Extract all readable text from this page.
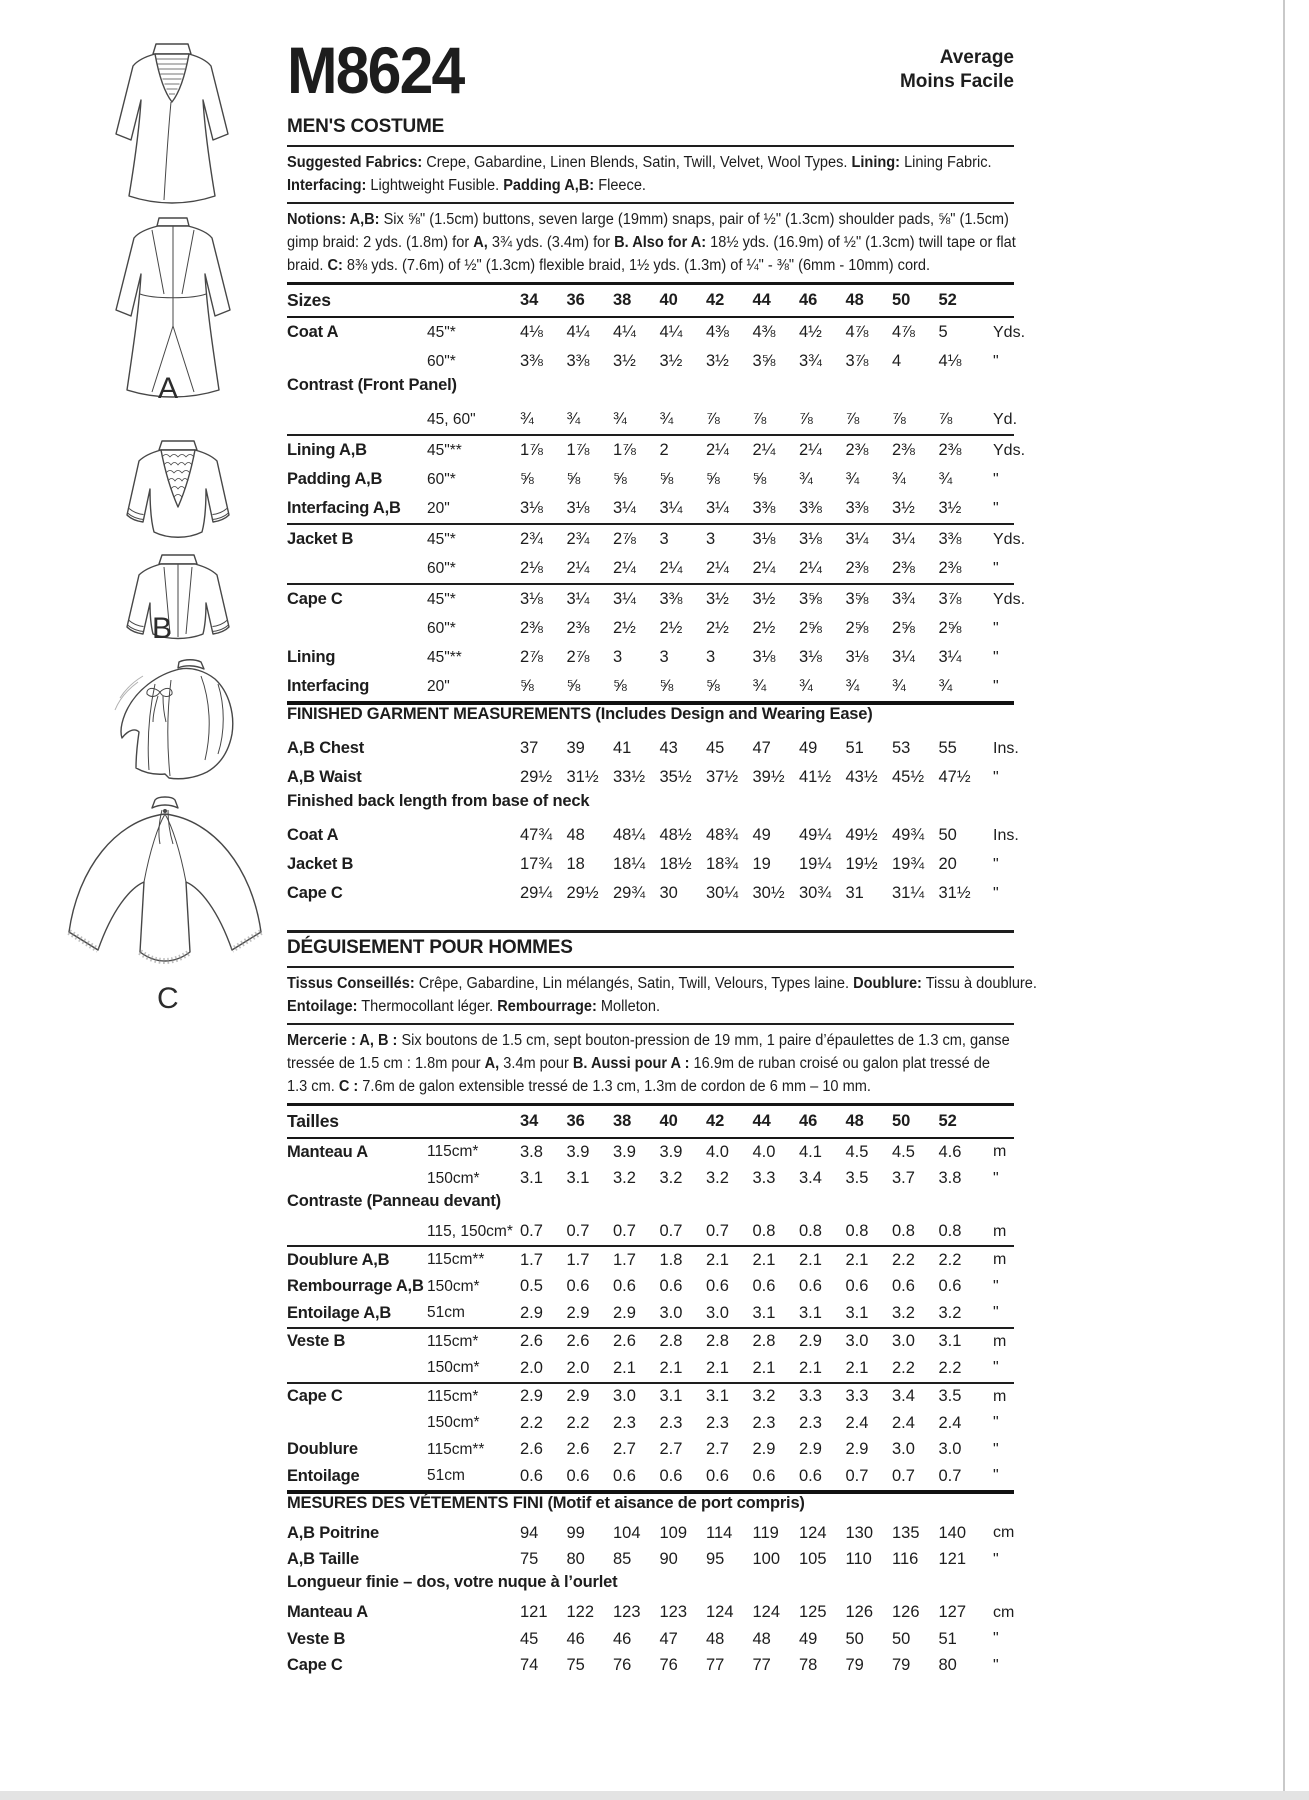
A
B
C
M8624	Average
Moins Facile
MEN'S COSTUME
Suggested Fabrics: Crepe, Gabardine, Linen Blends, Satin, Twill, Velvet, Wool Types. Lining: Lining Fabric.
Interfacing: Lightweight Fusible. Padding A,B: Fleece.
Notions: A,B: Six ⅝" (1.5cm) buttons, seven large (19mm) snaps, pair of ½" (1.3cm) shoulder pads, ⅝" (1.5cm)
gimp braid: 2 yds. (1.8m) for A, 3¾ yds. (3.4m) for B. Also for A: 18½ yds. (16.9m) of ½" (1.3cm) twill tape or flat
braid. C: 8⅜ yds. (7.6m) of ½" (1.3cm) flexible braid, 1½ yds. (1.3m) of ¼" - ⅜" (6mm - 10mm) cord.
Sizes	34	36	38	40	42	44	46	48	50	52
Coat A	45"*	4⅛	4¼	4¼	4¼	4⅜	4⅜	4½	4⅞	4⅞	5	Yds.
60"*	3⅜	3⅜	3½	3½	3½	3⅝	3¾	3⅞	4	4⅛	"
Contrast (Front Panel)
45, 60"	¾	¾	¾	¾	⅞	⅞	⅞	⅞	⅞	⅞	Yd.
Lining A,B	45"**	1⅞	1⅞	1⅞	2	2¼	2¼	2¼	2⅜	2⅜	2⅜	Yds.
Padding A,B	60"*	⅝	⅝	⅝	⅝	⅝	⅝	¾	¾	¾	¾	"
Interfacing A,B	20"	3⅛	3⅛	3¼	3¼	3¼	3⅜	3⅜	3⅜	3½	3½	"
Jacket B	45"*	2¾	2¾	2⅞	3	3	3⅛	3⅛	3¼	3¼	3⅜	Yds.
60"*	2⅛	2¼	2¼	2¼	2¼	2¼	2¼	2⅜	2⅜	2⅜	"
Cape C	45"*	3⅛	3¼	3¼	3⅜	3½	3½	3⅝	3⅝	3¾	3⅞	Yds.
60"*	2⅜	2⅜	2½	2½	2½	2½	2⅝	2⅝	2⅝	2⅝	"
Lining	45"**	2⅞	2⅞	3	3	3	3⅛	3⅛	3⅛	3¼	3¼	"
Interfacing	20"	⅝	⅝	⅝	⅝	⅝	¾	¾	¾	¾	¾	"
FINISHED GARMENT MEASUREMENTS (Includes Design and Wearing Ease)
A,B Chest	37	39	41	43	45	47	49	51	53	55	Ins.
A,B Waist	29½ 31½ 33½ 35½ 37½ 39½ 41½ 43½ 45½ 47½	"
Finished back length from base of neck
Coat A	47¾ 48	48¼ 48½ 48¾ 49	49¼ 49½ 49¾ 50	Ins.
Jacket B	17¾ 18	18¼ 18½ 18¾ 19	19¼ 19½ 19¾ 20	"
Cape C	29¼ 29½ 29¾ 30	30¼ 30½ 30¾ 31	31¼ 31½	"
DÉGUISEMENT POUR HOMMES
Tissus Conseillés: Crêpe, Gabardine, Lin mélangés, Satin, Twill, Velours, Types laine. Doublure: Tissu à doublure.
Entoilage: Thermocollant léger. Rembourrage: Molleton.
Mercerie : A, B : Six boutons de 1.5 cm, sept bouton-pression de 19 mm, 1 paire d’épaulettes de 1.3 cm, ganse
tressée de 1.5 cm : 1.8m pour A, 3.4m pour B. Aussi pour A : 16.9m de ruban croisé ou galon plat tressé de
1.3 cm. C : 7.6m de galon extensible tressé de 1.3 cm, 1.3m de cordon de 6 mm – 10 mm.
Tailles	34	36	38	40	42	44	46	48	50	52
Manteau A	115cm*	3.8	3.9	3.9	3.9	4.0	4.0	4.1	4.5	4.5	4.6	m
150cm*	3.1	3.1	3.2	3.2	3.2	3.3	3.4	3.5	3.7	3.8	"
Contraste (Panneau devant)
115, 150cm* 0.7	0.7	0.7	0.7	0.7	0.8	0.8	0.8	0.8	0.8	m
Doublure A,B	115cm**	1.7	1.7	1.7	1.8	2.1	2.1	2.1	2.1	2.2	2.2	m
Rembourrage A,B 150cm*	0.5	0.6	0.6	0.6	0.6	0.6	0.6	0.6	0.6	0.6	"
Entoilage A,B	51cm	2.9	2.9	2.9	3.0	3.0	3.1	3.1	3.1	3.2	3.2	"
Veste B	115cm*	2.6	2.6	2.6	2.8	2.8	2.8	2.9	3.0	3.0	3.1	m
150cm*	2.0	2.0	2.1	2.1	2.1	2.1	2.1	2.1	2.2	2.2	"
Cape C	115cm*	2.9	2.9	3.0	3.1	3.1	3.2	3.3	3.3	3.4	3.5	m
150cm*	2.2	2.2	2.3	2.3	2.3	2.3	2.3	2.4	2.4	2.4	"
Doublure	115cm**	2.6	2.6	2.7	2.7	2.7	2.9	2.9	2.9	3.0	3.0	"
Entoilage	51cm	0.6	0.6	0.6	0.6	0.6	0.6	0.6	0.7	0.7	0.7	"
MESURES DES VÉTEMENTS FINI (Motif et aisance de port compris)
A,B Poitrine	94	99	104	109	114	119	124	130	135	140	cm
A,B Taille	75	80	85	90	95	100	105	110	116	121	"
Longueur finie – dos, votre nuque à l’ourlet
Manteau A	121	122	123	123	124	124	125	126	126	127	cm
Veste B	45	46	46	47	48	48	49	50	50	51	"
Cape C	74	75	76	76	77	77	78	79	79	80	"
